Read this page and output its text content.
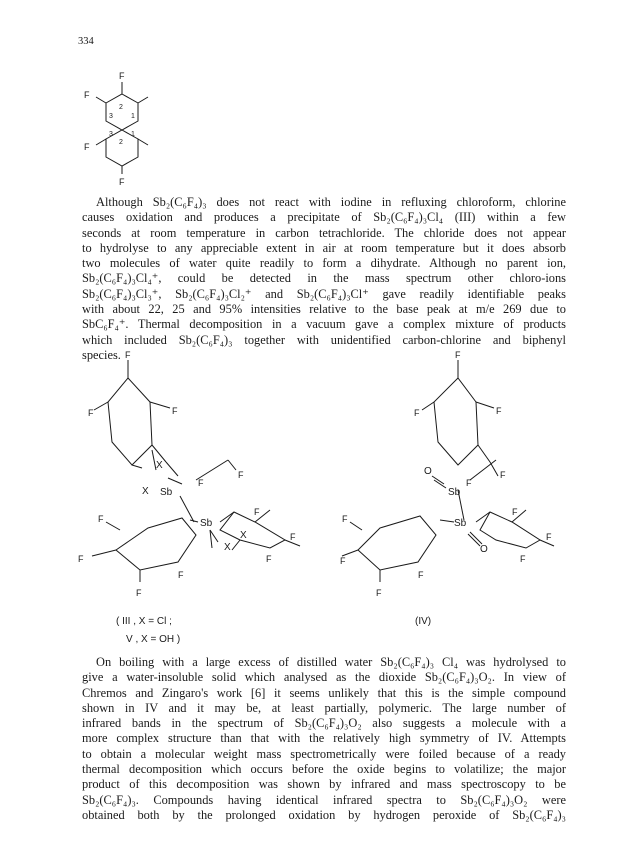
334
F
F
F
F
2
3	1
3
2
1
Although Sb₂(C₆F₄)₃ does not react with iodine in refluxing chloroform, chlorine
causes oxidation and produces a precipitate of Sb₂(C₆F₄)₃Cl₄ (III) within a few
seconds at room temperature in carbon tetrachloride. The chloride does not appear
to hydrolyse to any appreciable extent in air at room temperature but it does absorb
two molecules of water quite readily to form a dihydrate. Although no parent ion,
Sb₂(C₆F₄)₃Cl₄⁺, could be detected in the mass spectrum other chloro-ions
Sb₂(C₆F₄)₃Cl₃⁺, Sb₂(C₆F₄)₃Cl₂⁺ and Sb₂(C₆F₄)₃Cl⁺ gave readily identifiable peaks
with about 22, 25 and 95% intensities relative to the base peak at m/e 269 due to
SbC₆F₄⁺. Thermal decomposition in a vacuum gave a complex mixture of products
which included Sb₂(C₆F₄)₃ together with unidentified carbon-chlorine and biphenyl
species. F
F	F
F
F
F
F
F
F
F
F
F
X
X
X
X
Sb
Sb
F
F	F
F
F
F
F
F
F
F
F
F
O
O
Sb
Sb
( III , X = Cl ;
V , X = OH )
(IV)
On boiling with a large excess of distilled water Sb₂(C₆F₄)₃ Cl₄ was hydrolysed to
give a water-insoluble solid which analysed as the dioxide Sb₂(C₆F₄)₃O₂. In view of
Chremos and Zingaro's work [6] it seems unlikely that this is the simple compound
shown in IV and it may be, at least partially, polymeric. The large number of
infrared bands in the spectrum of Sb₂(C₆F₄)₃O₂ also suggests a molecule with a
more complex structure than that with the relatively high symmetry of IV. Attempts
to obtain a molecular weight mass spectrometrically were foiled because of a ready
thermal decomposition which occurs before the oxide begins to volatilize; the major
product of this decomposition was shown by infrared and mass spectroscopy to be
Sb₂(C₆F₄)₃. Compounds having identical infrared spectra to Sb₂(C₆F₄)₃O₂ were
obtained both by the prolonged oxidation by hydrogen peroxide of Sb₂(C₆F₄)₃
